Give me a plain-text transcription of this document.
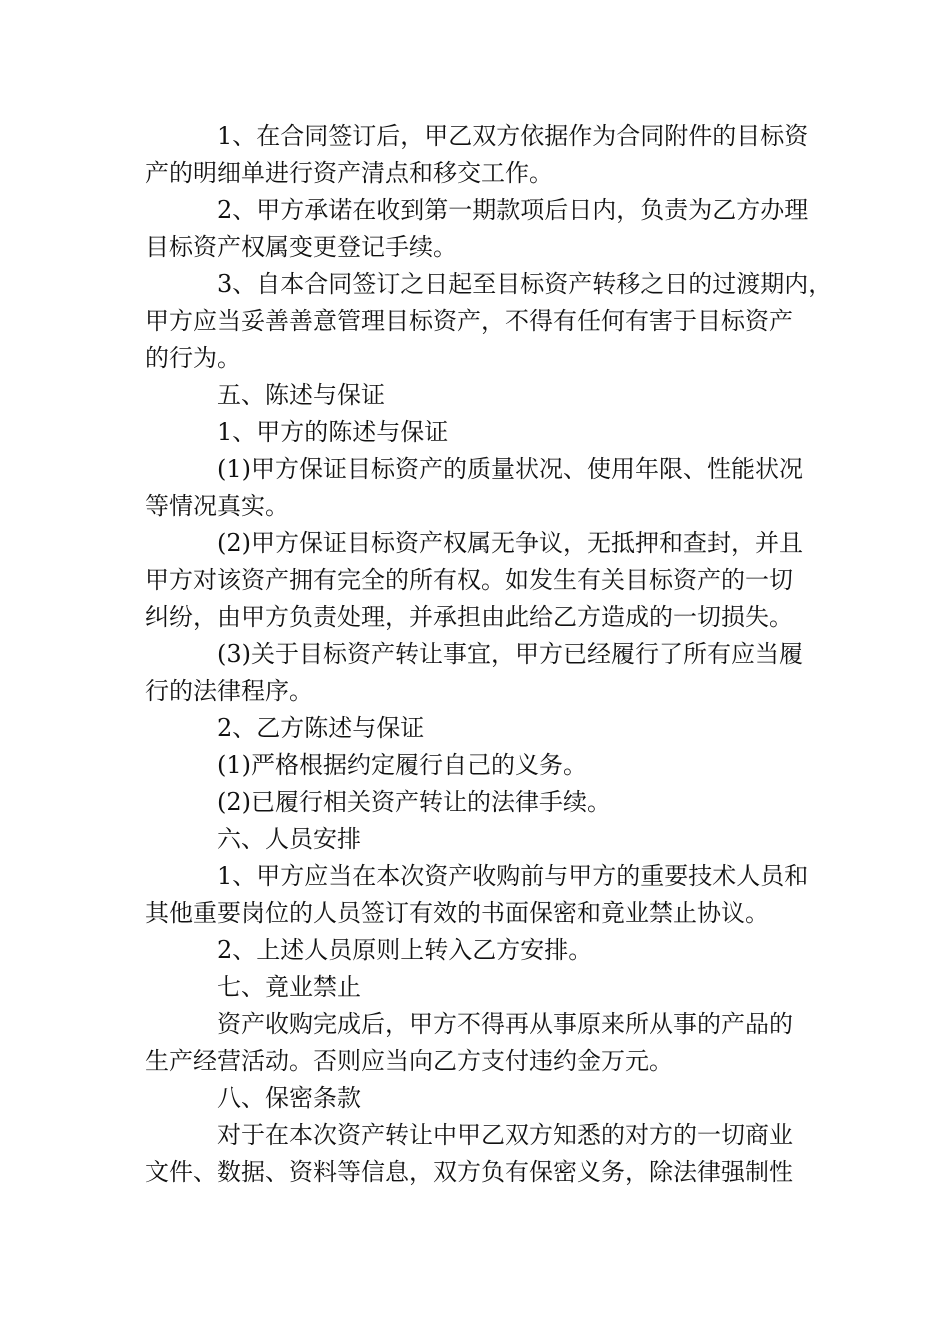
1、在合同签订后，甲乙双方依据作为合同附件的目标资
产的明细单进行资产清点和移交工作。
2、甲方承诺在收到第一期款项后日内，负责为乙方办理
目标资产权属变更登记手续。
3、自本合同签订之日起至目标资产转移之日的过渡期内，
甲方应当妥善善意管理目标资产，不得有任何有害于目标资产
的行为。
五、陈述与保证
1、甲方的陈述与保证
(1)甲方保证目标资产的质量状况、使用年限、性能状况
等情况真实。
(2)甲方保证目标资产权属无争议，无抵押和查封，并且
甲方对该资产拥有完全的所有权。如发生有关目标资产的一切
纠纷，由甲方负责处理，并承担由此给乙方造成的一切损失。
(3)关于目标资产转让事宜，甲方已经履行了所有应当履
行的法律程序。
2、乙方陈述与保证
(1)严格根据约定履行自己的义务。
(2)已履行相关资产转让的法律手续。
六、人员安排
1、甲方应当在本次资产收购前与甲方的重要技术人员和
其他重要岗位的人员签订有效的书面保密和竟业禁止协议。
2、上述人员原则上转入乙方安排。
七、竟业禁止
资产收购完成后，甲方不得再从事原来所从事的产品的
生产经营活动。否则应当向乙方支付违约金万元。
八、保密条款
对于在本次资产转让中甲乙双方知悉的对方的一切商业
文件、数据、资料等信息，双方负有保密义务，除法律强制性
